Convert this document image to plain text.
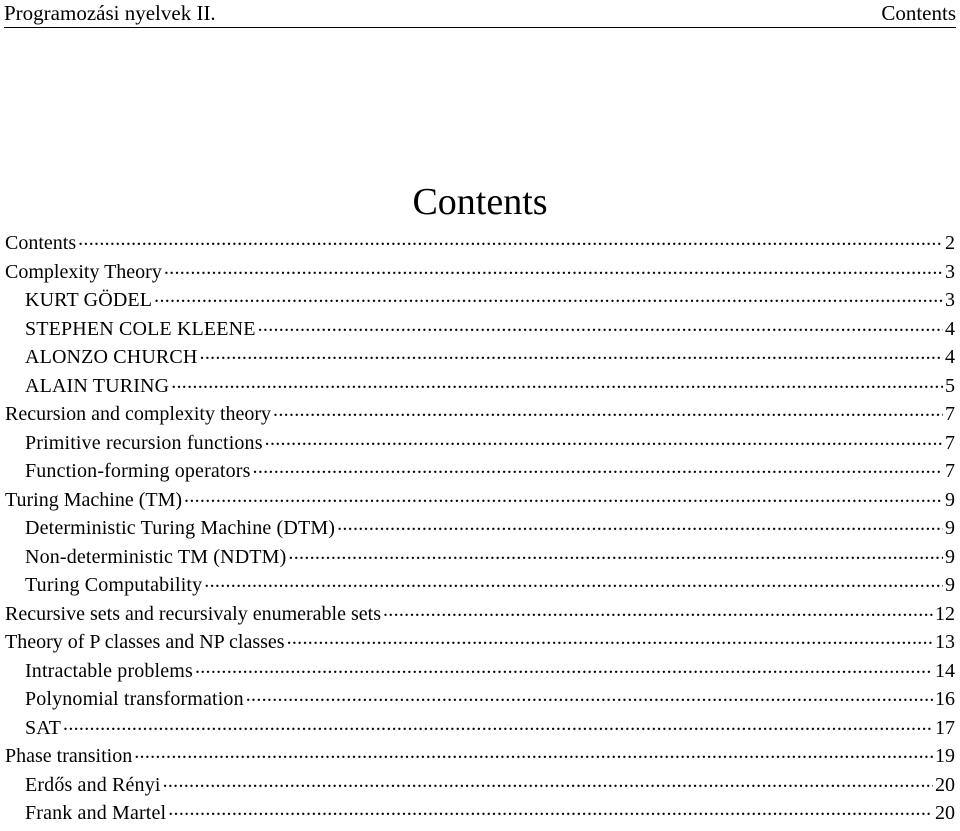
Programozási nyelvek II.	Contents
Contents
Contents .....	2
Complexity Theory .....	3
KURT GÖDEL .....	3
STEPHEN COLE KLEENE .....	4
ALONZO CHURCH .....	4
ALAIN TURING .....	5
Recursion and complexity theory .....	7
Primitive recursion functions .....	7
Function-forming operators .....	7
Turing Machine (TM) .....	9
Deterministic Turing Machine (DTM) .....	9
Non-deterministic TM (NDTM) .....	9
Turing Computability .....	9
Recursive sets and recursivaly enumerable sets .....	12
Theory of P classes and NP classes .....	13
Intractable problems .....	14
Polynomial transformation .....	16
SAT .....	17
Phase transition .....	19
Erdős and Rényi .....	20
Frank and Martel .....	20
